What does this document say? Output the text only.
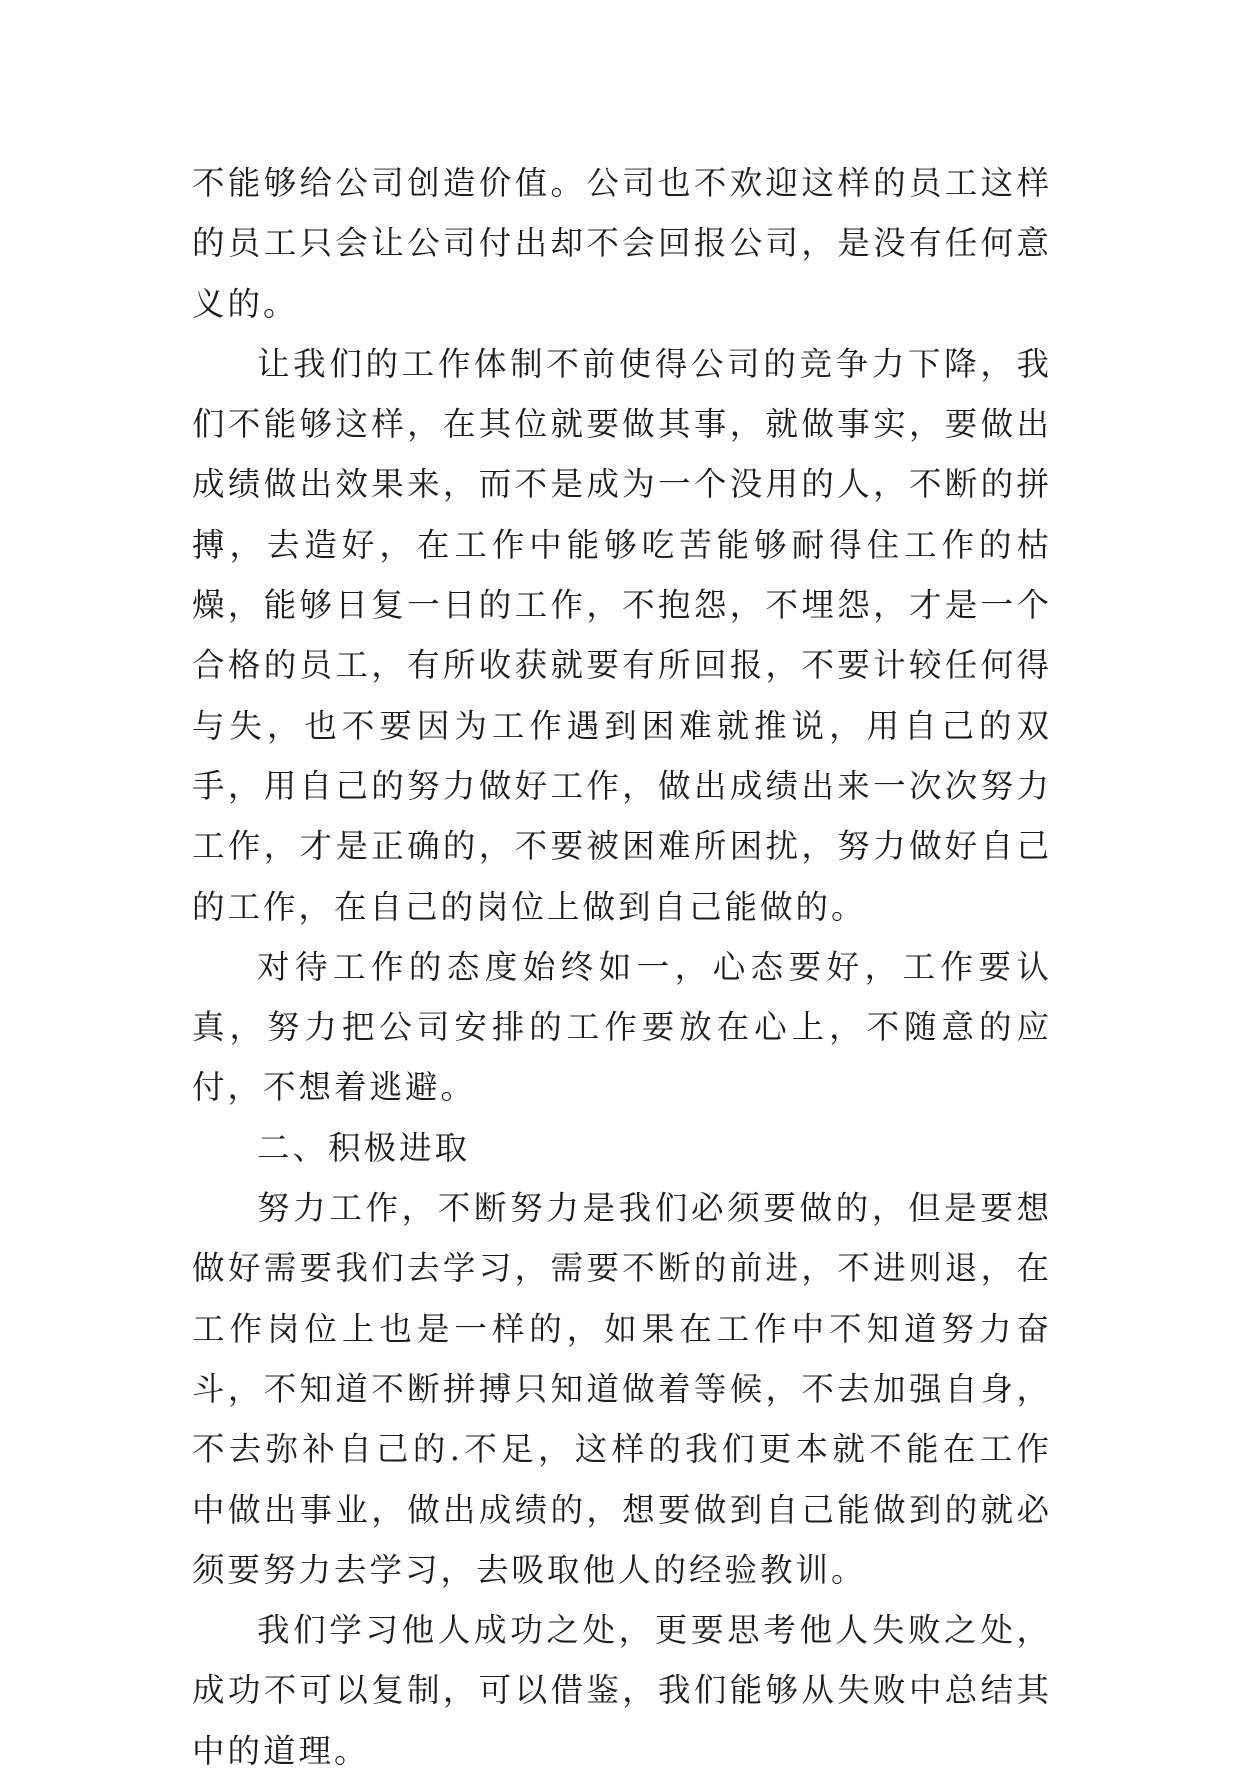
不能够给公司创造价值。公司也不欢迎这样的员工这样的员工只会让公司付出却不会回报公司，是没有任何意义的。

让我们的工作体制不前使得公司的竞争力下降，我们不能够这样，在其位就要做其事，就做事实，要做出成绩做出效果来，而不是成为一个没用的人，不断的拼搏，去造好，在工作中能够吃苦能够耐得住工作的枯燥，能够日复一日的工作，不抱怨，不埋怨，才是一个合格的员工，有所收获就要有所回报，不要计较任何得与失，也不要因为工作遇到困难就推说，用自己的双手，用自己的努力做好工作，做出成绩出来一次次努力工作，才是正确的，不要被困难所困扰，努力做好自己的工作，在自己的岗位上做到自己能做的。

对待工作的态度始终如一，心态要好，工作要认真，努力把公司安排的工作要放在心上，不随意的应付，不想着逃避。

二、积极进取

努力工作，不断努力是我们必须要做的，但是要想做好需要我们去学习，需要不断的前进，不进则退，在工作岗位上也是一样的，如果在工作中不知道努力奋斗，不知道不断拼搏只知道做着等候，不去加强自身，不去弥补自己的.不足，这样的我们更本就不能在工作中做出事业，做出成绩的，想要做到自己能做到的就必须要努力去学习，去吸取他人的经验教训。

我们学习他人成功之处，更要思考他人失败之处，成功不可以复制，可以借鉴，我们能够从失败中总结其中的道理。
